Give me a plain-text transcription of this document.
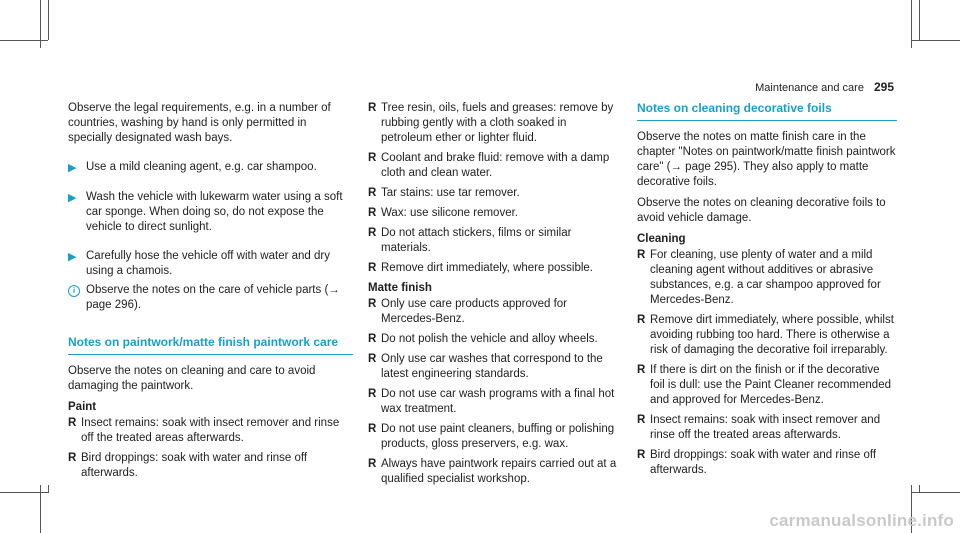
Maintenance and care 295

Observe the legal requirements, e.g. in a number of countries, washing by hand is only permitted in specially designated wash bays.

▶ Use a mild cleaning agent, e.g. car shampoo.
▶ Wash the vehicle with lukewarm water using a soft car sponge. When doing so, do not expose the vehicle to direct sunlight.
▶ Carefully hose the vehicle off with water and dry using a chamois.
i Observe the notes on the care of vehicle parts (→ page 296).
Notes on paintwork/matte finish paintwork care

Observe the notes on cleaning and care to avoid damaging the paintwork.

Paint
R Insect remains: soak with insect remover and rinse off the treated areas afterwards.
R Bird droppings: soak with water and rinse off afterwards.
R Tree resin, oils, fuels and greases: remove by rubbing gently with a cloth soaked in petroleum ether or lighter fluid.
R Coolant and brake fluid: remove with a damp cloth and clean water.
R Tar stains: use tar remover.
R Wax: use silicone remover.
R Do not attach stickers, films or similar materials.
R Remove dirt immediately, where possible.
Matte finish
R Only use care products approved for Mercedes-Benz.
R Do not polish the vehicle and alloy wheels.
R Only use car washes that correspond to the latest engineering standards.
R Do not use car wash programs with a final hot wax treatment.
R Do not use paint cleaners, buffing or polishing products, gloss preservers, e.g. wax.
R Always have paintwork repairs carried out at a qualified specialist workshop.
Notes on cleaning decorative foils

Observe the notes on matte finish care in the chapter "Notes on paintwork/matte finish paintwork care" (→ page 295). They also apply to matte decorative foils.

Observe the notes on cleaning decorative foils to avoid vehicle damage.

Cleaning
R For cleaning, use plenty of water and a mild cleaning agent without additives or abrasive substances, e.g. a car shampoo approved for Mercedes-Benz.
R Remove dirt immediately, where possible, whilst avoiding rubbing too hard. There is otherwise a risk of damaging the decorative foil irreparably.
R If there is dirt on the finish or if the decorative foil is dull: use the Paint Cleaner recommended and approved for Mercedes-Benz.
R Insect remains: soak with insect remover and rinse off the treated areas afterwards.
R Bird droppings: soak with water and rinse off afterwards.
carmanualsonline.info
